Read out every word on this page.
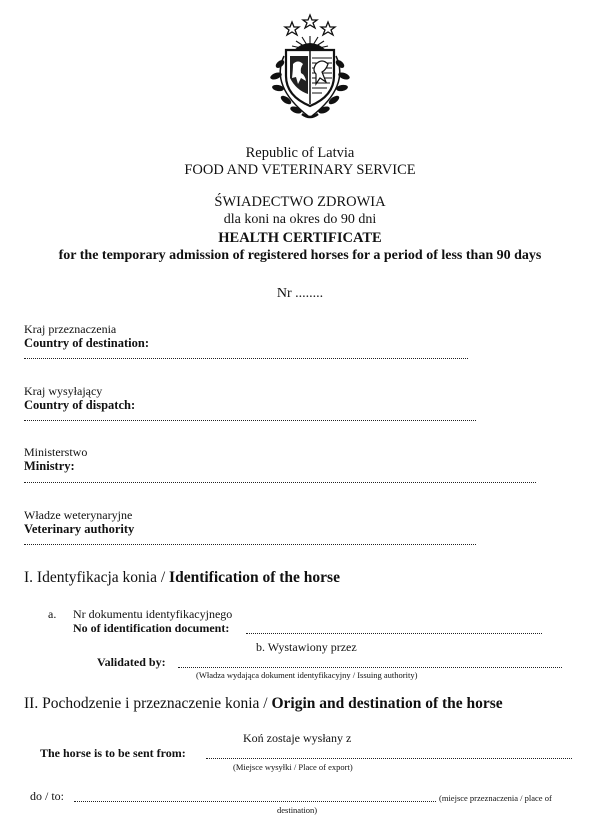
Republic of Latvia
FOOD AND VETERINARY SERVICE
ŚWIADECTWO ZDROWIA
dla koni na okres do 90 dni
HEALTH CERTIFICATE
for the temporary admission of registered horses for a period of less than 90 days
Nr ........
Kraj przeznaczenia
Country of destination:
Kraj wysyłający
Country of dispatch:
Ministerstwo
Ministry:
Władze weterynaryjne
Veterinary authority
I. Identyfikacja konia / Identification of the horse
a. Nr dokumentu identyfikacyjnego
No of identification document:
b. Wystawiony przez
Validated by:
(Władza wydająca dokument identyfikacyjny / Issuing authority)
II. Pochodzenie i przeznaczenie konia / Origin and destination of the horse
Koń zostaje wysłany z
The horse is to be sent from:
(Miejsce wysyłki / Place of export)
do / to:	(miejsce przeznaczenia / place of
destination)
